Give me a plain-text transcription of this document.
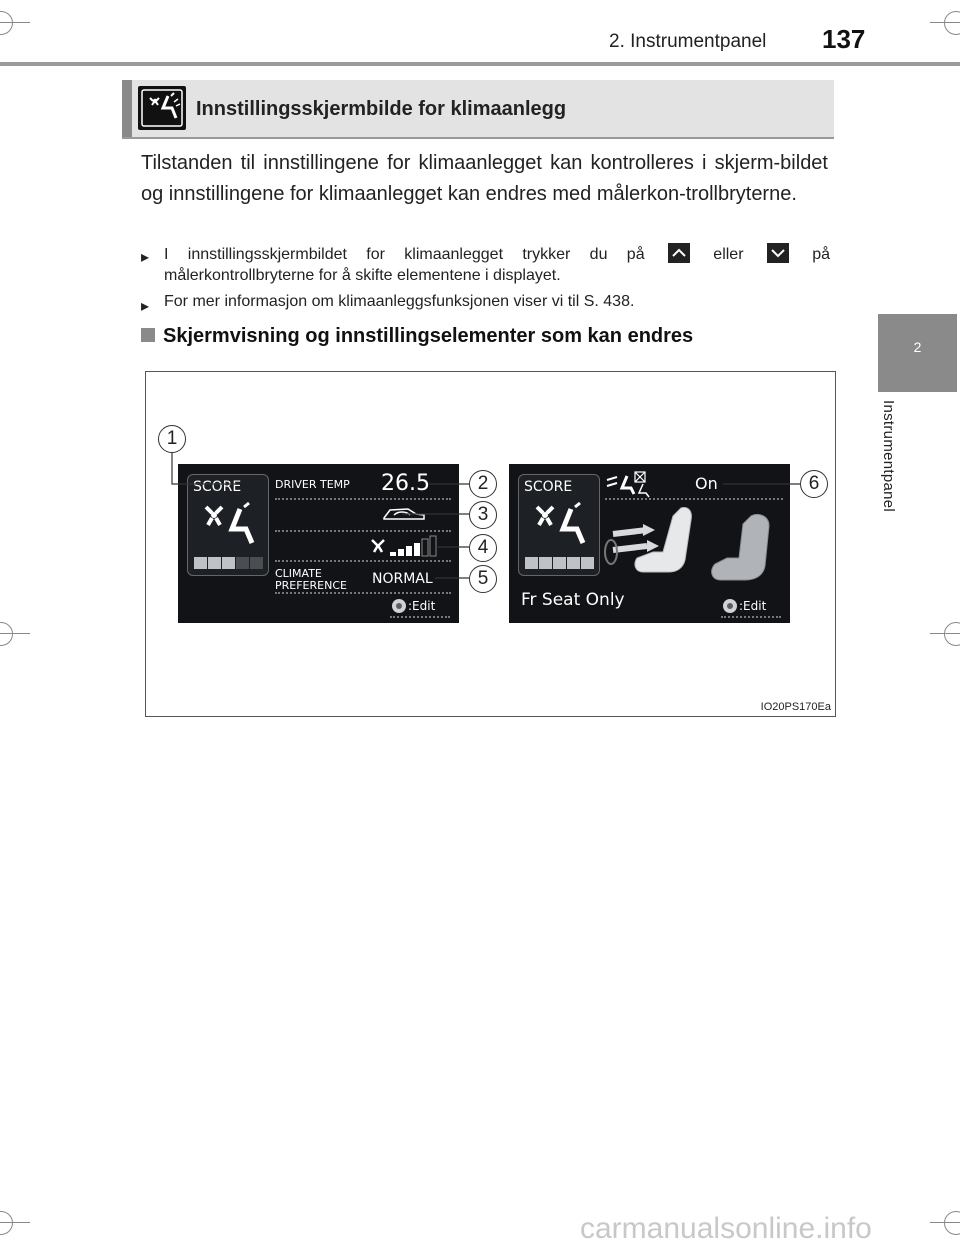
2. Instrumentpanel 137
2
Instrumentpanel
Innstillingsskjermbilde for klimaanlegg
Tilstanden til innstillingene for klimaanlegget kan kontrolleres i skjerm-bildet og innstillingene for klimaanlegget kan endres med målerkon-trollbryterne.
▸ I innstillingsskjermbildet for klimaanlegget trykker du på	eller	på målerkontrollbryterne for å skifte elementene i displayet.
▸ For mer informasjon om klimaanleggsfunksjonen viser vi til S. 438.
Skjermvisning og innstillingselementer som kan endres
SCORE	DRIVER TEMP 26.5
CLIMATE
PREFERENCE NORMAL
:Edit
SCORE	On
Fr Seat Only	:Edit
1
2
3
4
5
6
IO20PS170Ea
carmanualsonline.info
